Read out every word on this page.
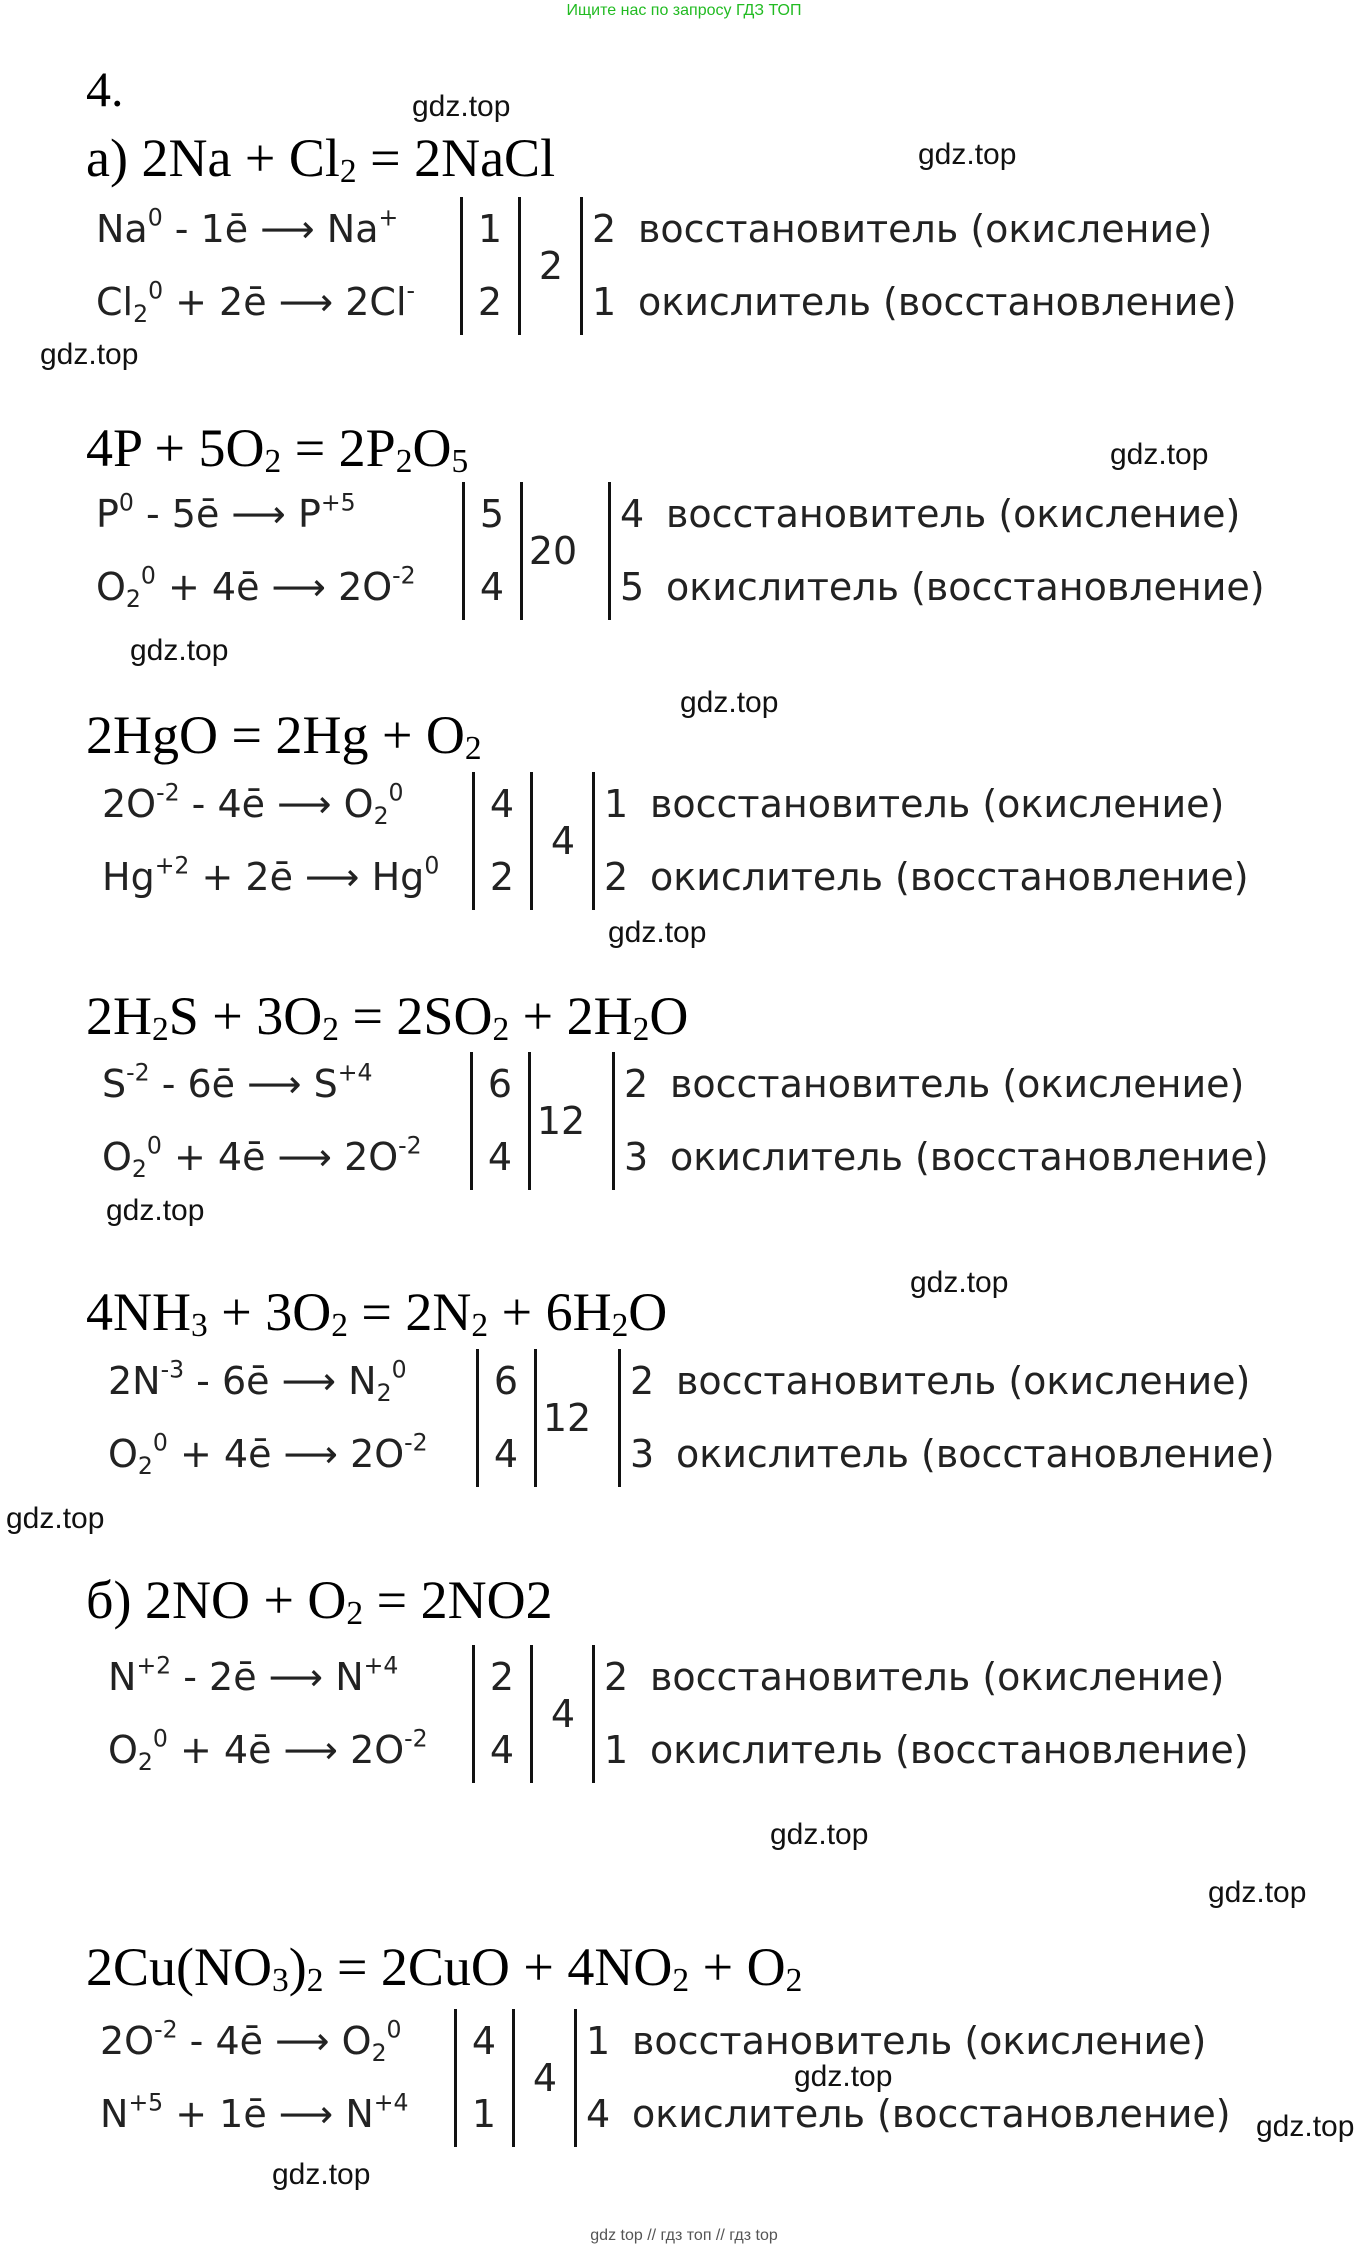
Ищите нас по запросу ГДЗ ТОП
4.
а) $2Na + Cl_2$ = 2NaCl
Na$^0$ - 1ē ⟶ Na+
$Cl_2^0$ + 2ē ⟶ 2Cl-
1
2
2
2 восстановитель (окисление)
1 окислитель (восстановление)
$4P + 5O_2 = 2P_2O_5$
$P^0$ - 5ē ⟶ $P^{+5}$
$O_2^0$ + 4ē ⟶ $2O^{-2}$
5
4
20
4 восстановитель (окисление)
5 окислитель (восстановление)
$2HgO = 2Hg + O_2$
$2O^{-2}$ - 4ē ⟶ $O_2^0$
$Hg^{+2}$ + 2ē ⟶ Hg$^0$
4
2
4
1 восстановитель (окисление)
2 окислитель (восстановление)
$2H_2S + 3O_2 = 2SO_2 + 2H_2O$
$S^{-2}$ - 6ē ⟶ $S^{+4}$
$O_2^0$ + 4ē ⟶ $2O^{-2}$
6
4
12
2 восстановитель (окисление)
3 окислитель (восстановление)
$4NH_3 + 3O_2 = 2N_2 + 6H_2O$
$2N^{-3}$ - 6ē ⟶ $N_2^0$
$O_2^0$ + 4ē ⟶ $2O^{-2}$
6
4
12
2 восстановитель (окисление)
3 окислитель (восстановление)
б) $2NO + O_2 = 2NO2$
$N^{+2}$ - 2ē ⟶ $N^{+4}$
$O_2^0$ + 4ē ⟶ $2O^{-2}$
2
4
4
2 восстановитель (окисление)
1 окислитель (восстановление)
$2Cu(NO_3)_2 = 2CuO + 4NO_2 + O_2$
$2O^{-2}$ - 4ē ⟶ $O_2^0$
$N^{+5}$ + 1ē ⟶ $N^{+4}$
4
1
4
1 восстановитель (окисление)
4 окислитель (восстановление)
gdz.top
gdz.top
gdz.top
gdz.top
gdz.top
gdz.top
gdz.top
gdz.top
gdz.top
gdz.top
gdz.top
gdz.top
gdz.top
gdz.top
gdz.top
gdz top // гдз топ // гдз top
